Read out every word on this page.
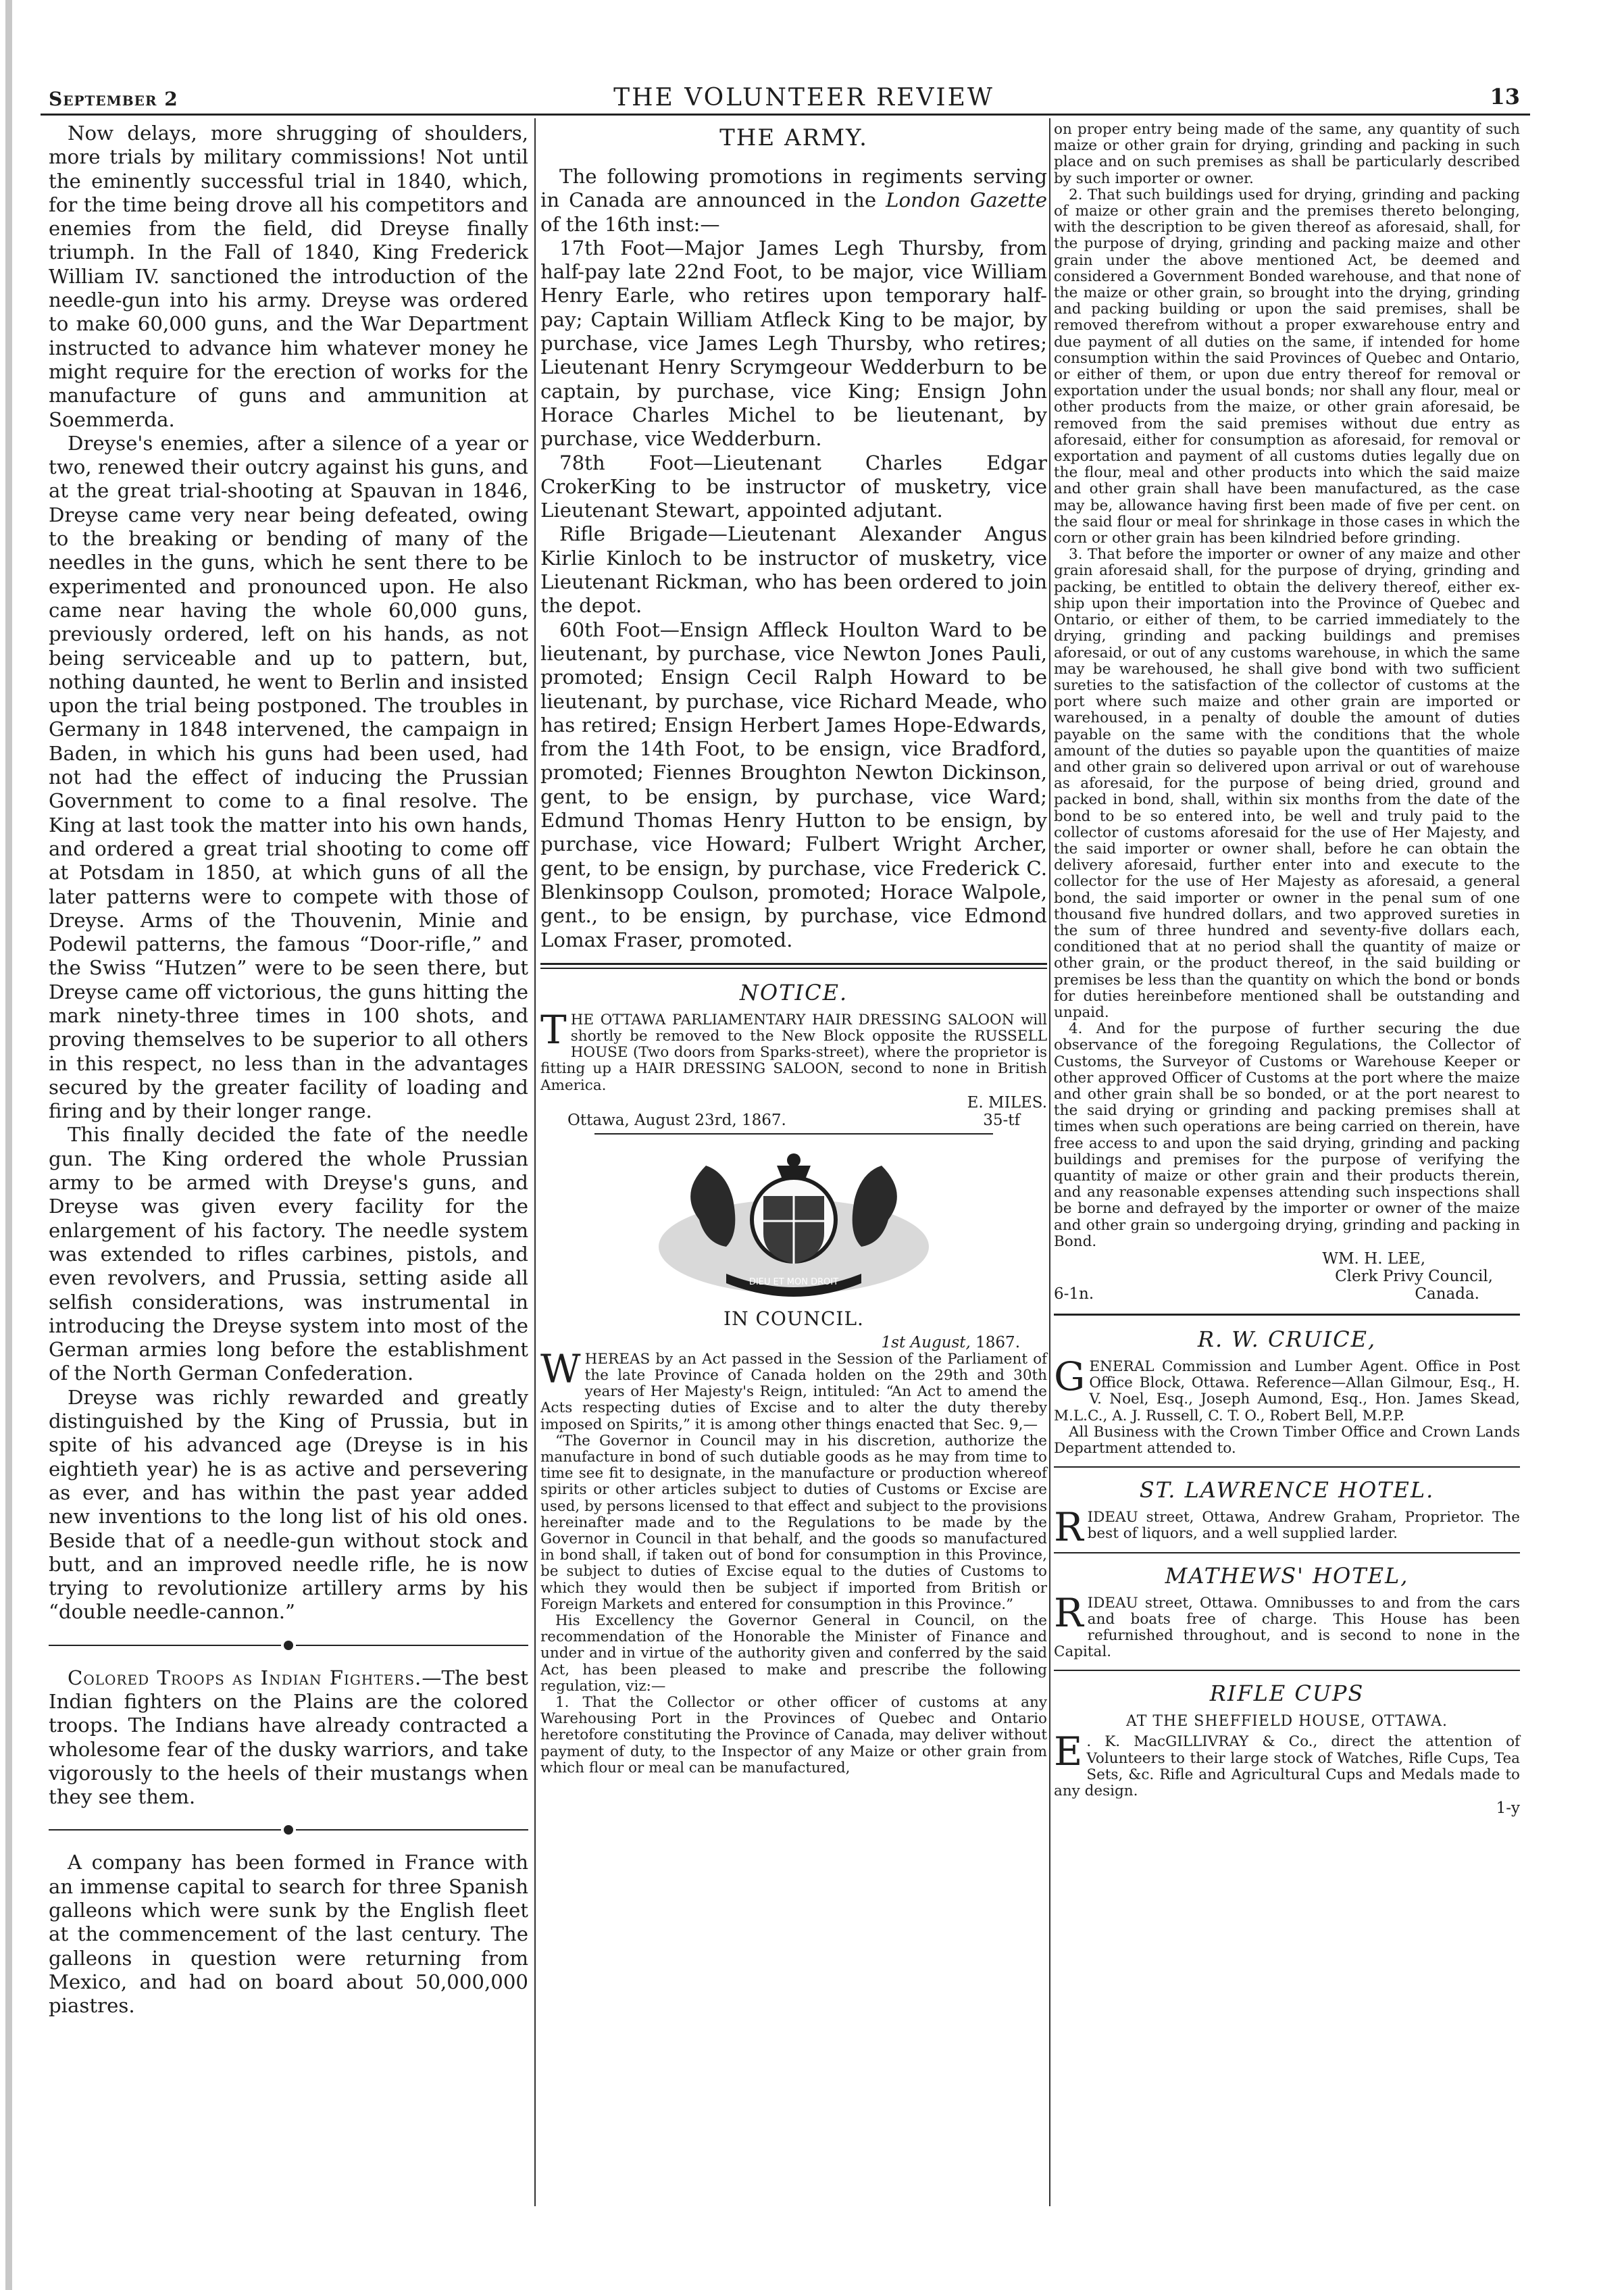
September 2	THE VOLUNTEER REVIEW	13

Now delays, more shrugging of shoulders, more trials by military commissions! Not until the eminently successful trial in 1840, which, for the time being drove all his competitors and enemies from the field, did Dreyse finally triumph. In the Fall of 1840, King Frederick William IV. sanctioned the introduction of the needle-gun into his army. Dreyse was ordered to make 60,000 guns, and the War Department instructed to advance him whatever money he might require for the erection of works for the manufacture of guns and ammunition at Soemmerda.

Dreyse's enemies, after a silence of a year or two, renewed their outcry against his guns, and at the great trial-shooting at Spauvan in 1846, Dreyse came very near being defeated, owing to the breaking or bending of many of the needles in the guns, which he sent there to be experimented and pronounced upon. He also came near having the whole 60,000 guns, previously ordered, left on his hands, as not being serviceable and up to pattern, but, nothing daunted, he went to Berlin and insisted upon the trial being postponed. The troubles in Germany in 1848 intervened, the campaign in Baden, in which his guns had been used, had not had the effect of inducing the Prussian Government to come to a final resolve. The King at last took the matter into his own hands, and ordered a great trial shooting to come off at Potsdam in 1850, at which guns of all the later patterns were to compete with those of Dreyse. Arms of the Thouvenin, Minie and Podewil patterns, the famous “Door-rifle,” and the Swiss “Hutzen” were to be seen there, but Dreyse came off victorious, the guns hitting the mark ninety-three times in 100 shots, and proving themselves to be superior to all others in this respect, no less than in the advantages secured by the greater facility of loading and firing and by their longer range.

This finally decided the fate of the needle gun. The King ordered the whole Prussian army to be armed with Dreyse's guns, and Dreyse was given every facility for the enlargement of his factory. The needle system was extended to rifles carbines, pistols, and even revolvers, and Prussia, setting aside all selfish considerations, was instrumental in introducing the Dreyse system into most of the German armies long before the establishment of the North German Confederation.

Dreyse was richly rewarded and greatly distinguished by the King of Prussia, but in spite of his advanced age (Dreyse is in his eightieth year) he is as active and persevering as ever, and has within the past year added new inventions to the long list of his old ones. Beside that of a needle-gun without stock and butt, and an improved needle rifle, he is now trying to revolutionize artillery arms by his “double needle-cannon.”

Colored Troops as Indian Fighters.—The best Indian fighters on the Plains are the colored troops. The Indians have already contracted a wholesome fear of the dusky warriors, and take vigorously to the heels of their mustangs when they see them.

A company has been formed in France with an immense capital to search for three Spanish galleons which were sunk by the English fleet at the commencement of the last century. The galleons in question were returning from Mexico, and had on board about 50,000,000 piastres.

THE ARMY.

The following promotions in regiments serving in Canada are announced in the London Gazette of the 16th inst:—

17th Foot—Major James Legh Thursby, from half-pay late 22nd Foot, to be major, vice William Henry Earle, who retires upon temporary half-pay; Captain William Atfleck King to be major, by purchase, vice James Legh Thursby, who retires; Lieutenant Henry Scrymgeour Wedderburn to be captain, by purchase, vice King; Ensign John Horace Charles Michel to be lieutenant, by purchase, vice Wedderburn.

78th Foot—Lieutenant Charles Edgar CrokerKing to be instructor of musketry, vice Lieutenant Stewart, appointed adjutant.

Rifle Brigade—Lieutenant Alexander Angus Kirlie Kinloch to be instructor of musketry, vice Lieutenant Rickman, who has been ordered to join the depot.

60th Foot—Ensign Affleck Houlton Ward to be lieutenant, by purchase, vice Newton Jones Pauli, promoted; Ensign Cecil Ralph Howard to be lieutenant, by purchase, vice Richard Meade, who has retired; Ensign Herbert James Hope-Edwards, from the 14th Foot, to be ensign, vice Bradford, promoted; Fiennes Broughton Newton Dickinson, gent, to be ensign, by purchase, vice Ward; Edmund Thomas Henry Hutton to be ensign, by purchase, vice Howard; Fulbert Wright Archer, gent, to be ensign, by purchase, vice Frederick C. Blenkinsopp Coulson, promoted; Horace Walpole, gent., to be ensign, by purchase, vice Edmond Lomax Fraser, promoted.

NOTICE.

THE OTTAWA PARLIAMENTARY HAIR DRESSING SALOON will shortly be removed to the New Block opposite the RUSSELL HOUSE (Two doors from Sparks-street), where the proprietor is fitting up a HAIR DRESSING SALOON, second to none in British America.

E. MILES.
Ottawa, August 23rd, 1867.	35-tf
DIEU ET MON DROIT
IN COUNCIL.
1st August, 1867.

WHEREAS by an Act passed in the Session of the Parliament of the late Province of Canada holden on the 29th and 30th years of Her Majesty's Reign, intituled: “An Act to amend the Acts respecting duties of Excise and to alter the duty thereby imposed on Spirits,” it is among other things enacted that Sec. 9,—

“The Governor in Council may in his discretion, authorize the manufacture in bond of such dutiable goods as he may from time to time see fit to designate, in the manufacture or production whereof spirits or other articles subject to duties of Customs or Excise are used, by persons licensed to that effect and subject to the provisions hereinafter made and to the Regulations to be made by the Governor in Council in that behalf, and the goods so manufactured in bond shall, if taken out of bond for consumption in this Province, be subject to duties of Excise equal to the duties of Customs to which they would then be subject if imported from British or Foreign Markets and entered for consumption in this Province.”

His Excellency the Governor General in Council, on the recommendation of the Honorable the Minister of Finance and under and in virtue of the authority given and conferred by the said Act, has been pleased to make and prescribe the following regulation, viz:—

1. That the Collector or other officer of customs at any Warehousing Port in the Provinces of Quebec and Ontario heretofore constituting the Province of Canada, may deliver without payment of duty, to the Inspector of any Maize or other grain from which flour or meal can be manufactured,

on proper entry being made of the same, any quantity of such maize or other grain for drying, grinding and packing in such place and on such premises as shall be particularly described by such importer or owner.

2. That such buildings used for drying, grinding and packing of maize or other grain and the premises thereto belonging, with the description to be given thereof as aforesaid, shall, for the purpose of drying, grinding and packing maize and other grain under the above mentioned Act, be deemed and considered a Government Bonded warehouse, and that none of the maize or other grain, so brought into the drying, grinding and packing building or upon the said premises, shall be removed therefrom without a proper exwarehouse entry and due payment of all duties on the same, if intended for home consumption within the said Provinces of Quebec and Ontario, or either of them, or upon due entry thereof for removal or exportation under the usual bonds; nor shall any flour, meal or other products from the maize, or other grain aforesaid, be removed from the said premises without due entry as aforesaid, either for consumption as aforesaid, for removal or exportation and payment of all customs duties legally due on the flour, meal and other products into which the said maize and other grain shall have been manufactured, as the case may be, allowance having first been made of five per cent. on the said flour or meal for shrinkage in those cases in which the corn or other grain has been kilndried before grinding.

3. That before the importer or owner of any maize and other grain aforesaid shall, for the purpose of drying, grinding and packing, be entitled to obtain the delivery thereof, either ex-ship upon their importation into the Province of Quebec and Ontario, or either of them, to be carried immediately to the drying, grinding and packing buildings and premises aforesaid, or out of any customs warehouse, in which the same may be warehoused, he shall give bond with two sufficient sureties to the satisfaction of the collector of customs at the port where such maize and other grain are imported or warehoused, in a penalty of double the amount of duties payable on the same with the conditions that the whole amount of the duties so payable upon the quantities of maize and other grain so delivered upon arrival or out of warehouse as aforesaid, for the purpose of being dried, ground and packed in bond, shall, within six months from the date of the bond to be so entered into, be well and truly paid to the collector of customs aforesaid for the use of Her Majesty, and the said importer or owner shall, before he can obtain the delivery aforesaid, further enter into and execute to the collector for the use of Her Majesty as aforesaid, a general bond, the said importer or owner in the penal sum of one thousand five hundred dollars, and two approved sureties in the sum of three hundred and seventy-five dollars each, conditioned that at no period shall the quantity of maize or other grain, or the product thereof, in the said building or premises be less than the quantity on which the bond or bonds for duties hereinbefore mentioned shall be outstanding and unpaid.

4. And for the purpose of further securing the due observance of the foregoing Regulations, the Collector of Customs, the Surveyor of Customs or Warehouse Keeper or other approved Officer of Customs at the port where the maize and other grain shall be so bonded, or at the port nearest to the said drying or grinding and packing premises shall at times when such operations are being carried on therein, have free access to and upon the said drying, grinding and packing buildings and premises for the purpose of verifying the quantity of maize or other grain and their products therein, and any reasonable expenses attending such inspections shall be borne and defrayed by the importer or owner of the maize and other grain so undergoing drying, grinding and packing in Bond.

WM. H. LEE,
Clerk Privy Council,
6-1n.	Canada.
R. W. CRUICE,

GENERAL Commission and Lumber Agent. Office in Post Office Block, Ottawa. Reference—Allan Gilmour, Esq., H. V. Noel, Esq., Joseph Aumond, Esq., Hon. James Skead, M.L.C., A. J. Russell, C. T. O., Robert Bell, M.P.P.

All Business with the Crown Timber Office and Crown Lands Department attended to.

ST. LAWRENCE HOTEL.

RIDEAU street, Ottawa, Andrew Graham, Proprietor. The best of liquors, and a well supplied larder.

MATHEWS' HOTEL,

RIDEAU street, Ottawa. Omnibusses to and from the cars and boats free of charge. This House has been refurnished throughout, and is second to none in the Capital.

RIFLE CUPS
AT THE SHEFFIELD HOUSE, OTTAWA.

E . K. MacGILLIVRAY & Co., direct the attention of Volunteers to their large stock of Watches, Rifle Cups, Tea Sets, &c. Rifle and Agricultural Cups and Medals made to any design.

1-y
